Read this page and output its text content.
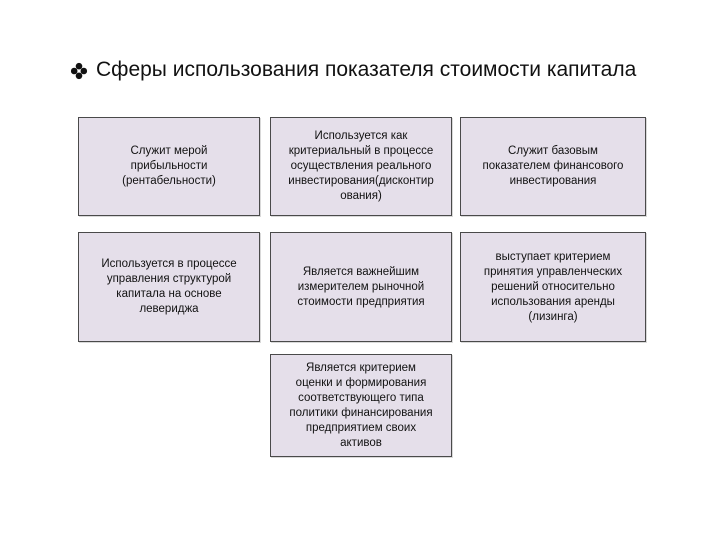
Сферы использования показателя стоимости капитала
Служит мерой
прибыльности
(рентабельности)
Используется как
критериальный в процессе
осуществления реального
инвестирования(дисконтир
ования)
Служит базовым
показателем финансового
инвестирования
Используется в процессе
управления структурой
капитала на основе
левериджа
Является важнейшим
измерителем рыночной
стоимости предприятия
выступает критерием
принятия управленческих
решений относительно
использования аренды
(лизинга)
Является критерием
оценки и формирования
соответствующего типа
политики финансирования
предприятием своих
активов
